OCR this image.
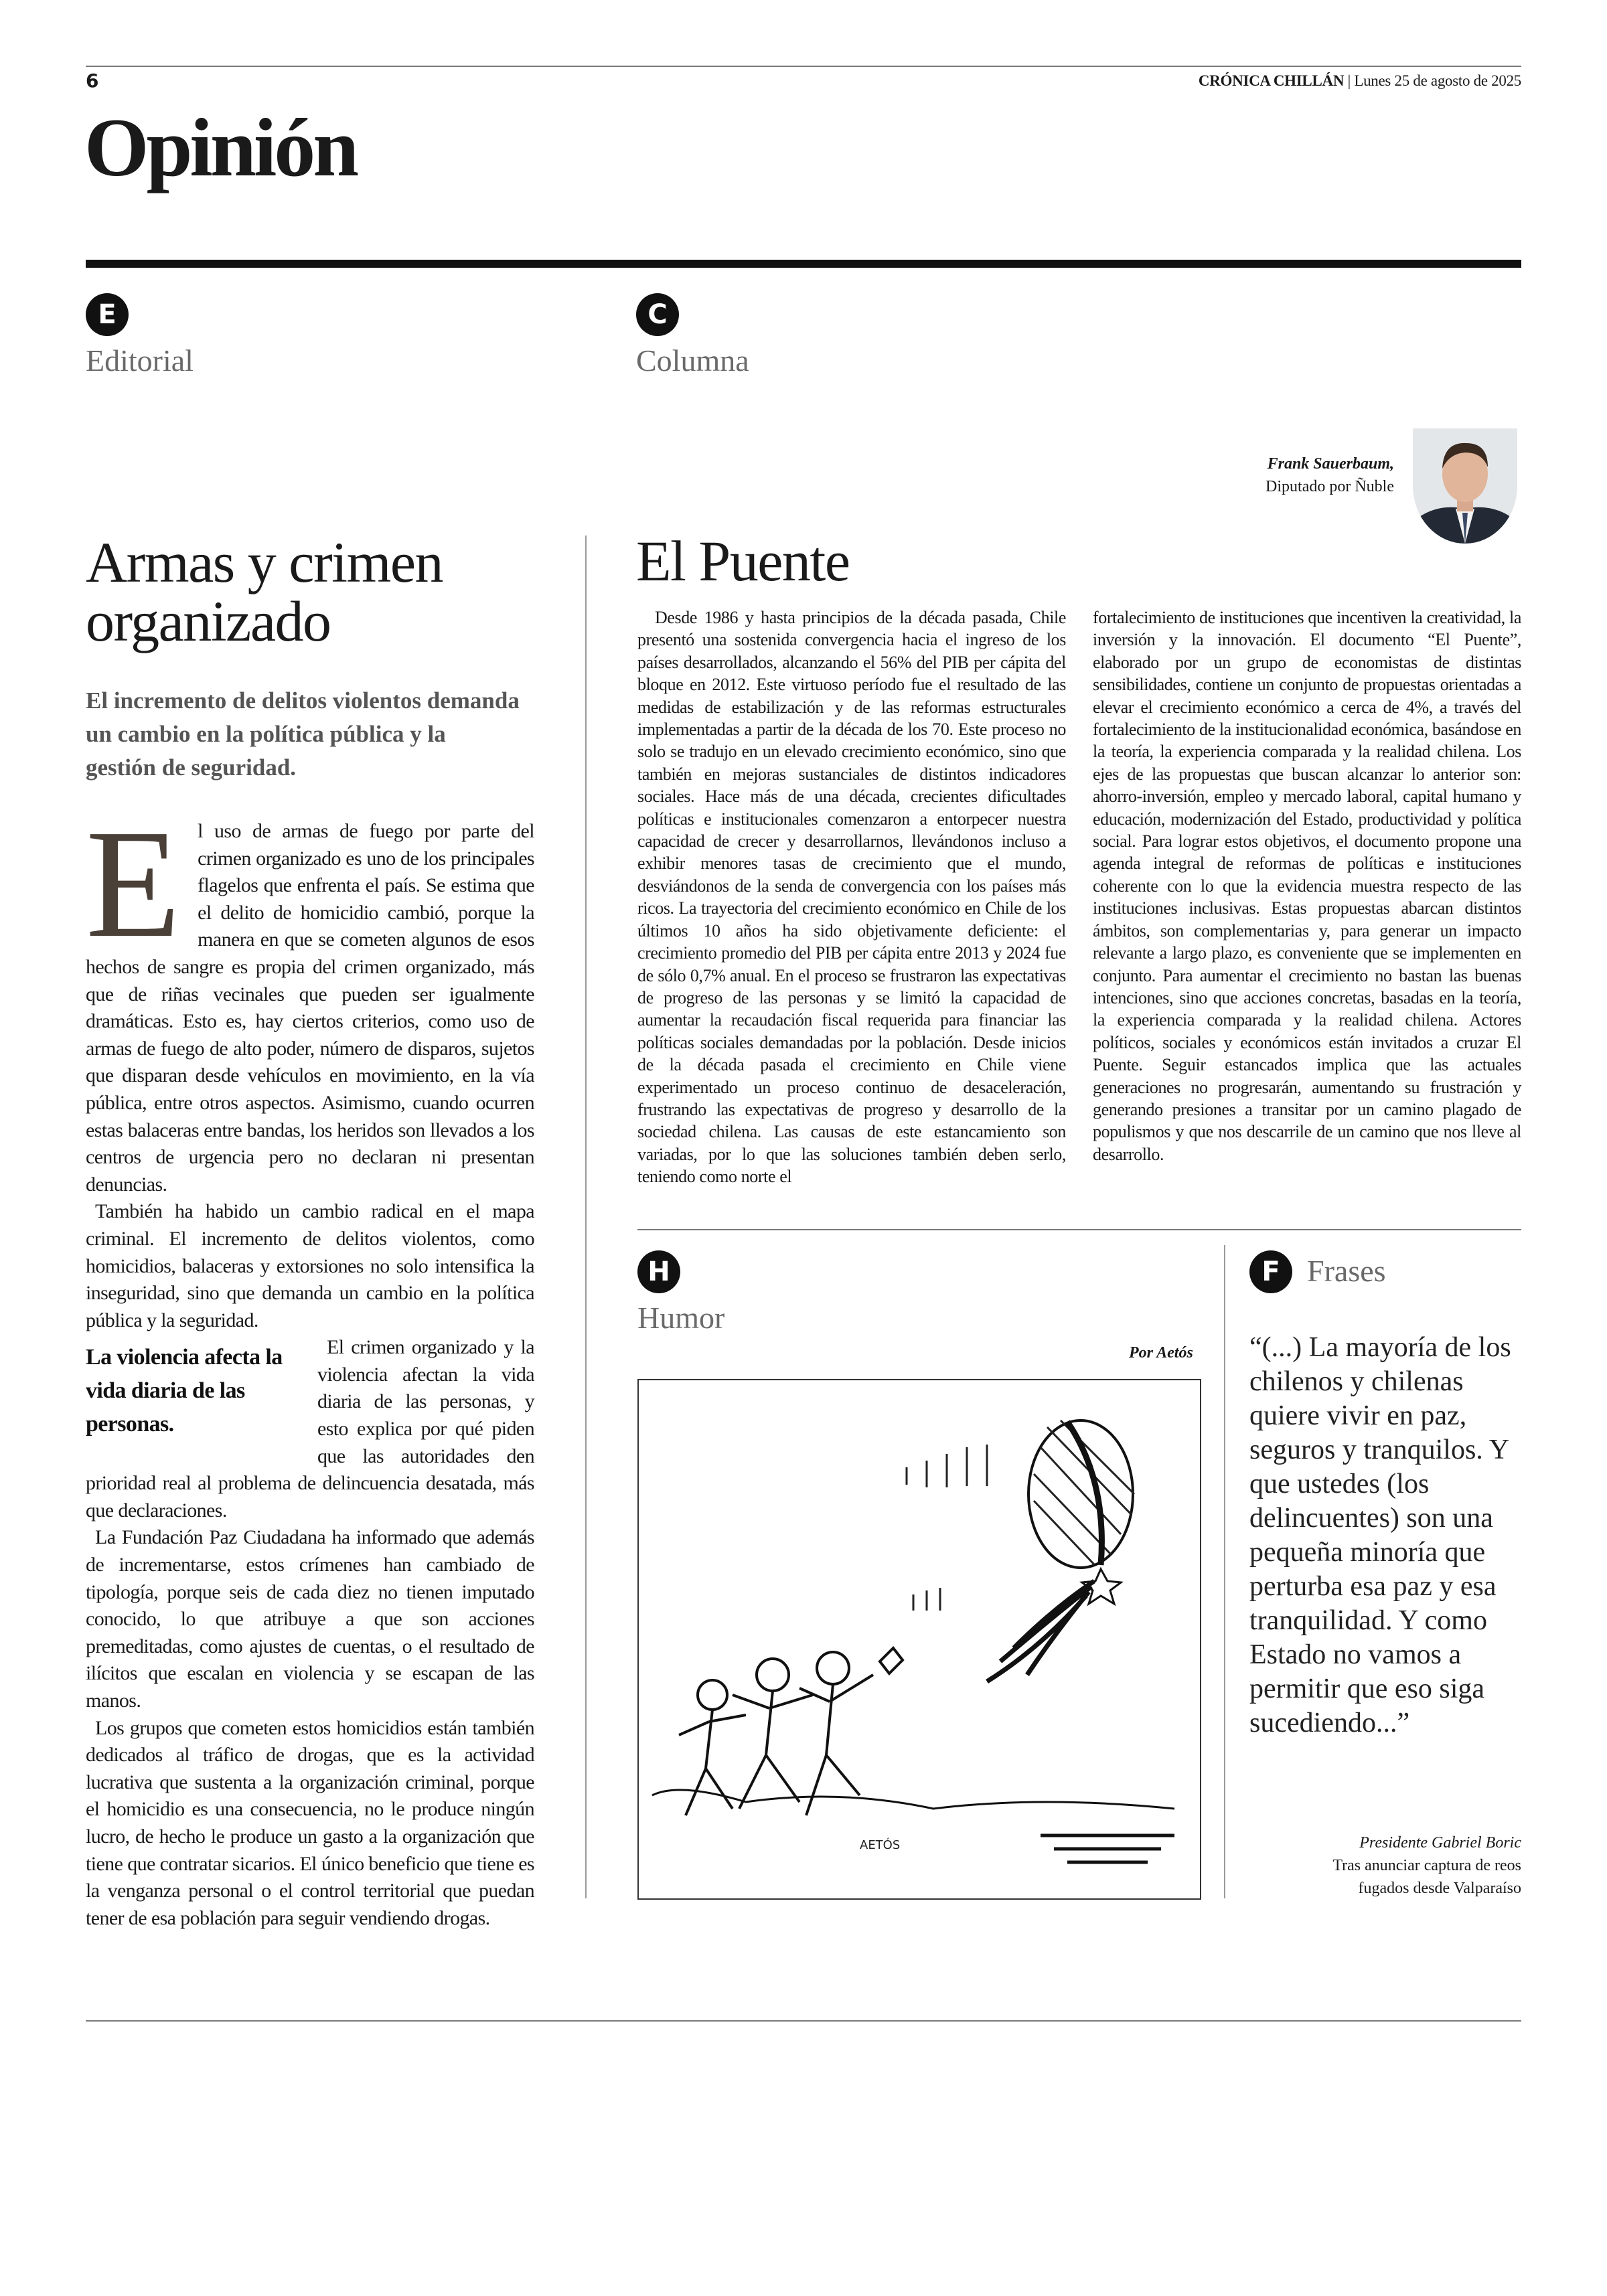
6	CRÓNICA CHILLÁN | Lunes 25 de agosto de 2025
Opinión
E
Editorial
Armas y crimen
organizado

El incremento de delitos violentos demanda un cambio en la política pública y la gestión de seguridad.

E l uso de armas de fuego por parte del crimen organizado es uno de los principales flagelos que enfrenta el país. Se estima que el delito de homicidio cambió, porque la manera en que se cometen algunos de esos hechos de sangre es propia del crimen organizado, más que de riñas vecinales que pueden ser igualmente dramáticas. Esto es, hay ciertos criterios, como uso de armas de fuego de alto poder, número de disparos, sujetos que disparan desde vehículos en movimiento, en la vía pública, entre otros aspectos. Asimismo, cuando ocurren estas balaceras entre bandas, los heridos son llevados a los centros de urgencia pero no declaran ni presentan denuncias.

También ha habido un cambio radical en el mapa criminal. El incremento de delitos violentos, como homicidios, balaceras y extorsiones no solo intensifica la inseguridad, sino que demanda un cambio en la política pública y la seguridad.

La violencia afecta la vida diaria de las personas.

El crimen organizado y la violencia afectan la vida diaria de las personas, y esto explica por qué piden que las autoridades den prioridad real al problema de delincuencia desatada, más que declaraciones.

La Fundación Paz Ciudadana ha informado que además de incrementarse, estos crímenes han cambiado de tipología, porque seis de cada diez no tienen imputado conocido, lo que atribuye a que son acciones premeditadas, como ajustes de cuentas, o el resultado de ilícitos que escalan en violencia y se escapan de las manos.

Los grupos que cometen estos homicidios están también dedicados al tráfico de drogas, que es la actividad lucrativa que sustenta a la organización criminal, porque el homicidio es una consecuencia, no le produce ningún lucro, de hecho le produce un gasto a la organización que tiene que contratar sicarios. El único beneficio que tiene es la venganza personal o el control territorial que puedan tener de esa población para seguir vendiendo drogas.

C
Columna
Frank Sauerbaum,
Diputado por Ñuble
El Puente

Desde 1986 y hasta principios de la década pasada, Chile presentó una sostenida convergencia hacia el ingreso de los países desarrollados, alcanzando el 56% del PIB per cápita del bloque en 2012. Este virtuoso período fue el resultado de las medidas de estabilización y de las reformas estructurales implementadas a partir de la década de los 70. Este proceso no solo se tradujo en un elevado crecimiento económico, sino que también en mejoras sustanciales de distintos indicadores sociales. Hace más de una década, crecientes dificultades políticas e institucionales comenzaron a entorpecer nuestra capacidad de crecer y desarrollarnos, llevándonos incluso a exhibir menores tasas de crecimiento que el mundo, desviándonos de la senda de convergencia con los países más ricos. La trayectoria del crecimiento económico en Chile de los últimos 10 años ha sido objetivamente deficiente: el crecimiento promedio del PIB per cápita entre 2013 y 2024 fue de sólo 0,7% anual. En el proceso se frustraron las expectativas de progreso de las personas y se limitó la capacidad de aumentar la recaudación fiscal requerida para financiar las políticas sociales demandadas por la población. Desde inicios de la década pasada el crecimiento en Chile viene experimentado un proceso continuo de desaceleración, frustrando las expectativas de progreso y desarrollo de la sociedad chilena. Las causas de este estancamiento son variadas, por lo que las soluciones también deben serlo, teniendo como norte el

fortalecimiento de instituciones que incentiven la creatividad, la inversión y la innovación. El documento “El Puente”, elaborado por un grupo de economistas de distintas sensibilidades, contiene un conjunto de propuestas orientadas a elevar el crecimiento económico a cerca de 4%, a través del fortalecimiento de la institucionalidad económica, basándose en la teoría, la experiencia comparada y la realidad chilena. Los ejes de las propuestas que buscan alcanzar lo anterior son: ahorro-inversión, empleo y mercado laboral, capital humano y educación, modernización del Estado, productividad y política social. Para lograr estos objetivos, el documento propone una agenda integral de reformas de políticas e instituciones coherente con lo que la evidencia muestra respecto de las instituciones inclusivas. Estas propuestas abarcan distintos ámbitos, son complementarias y, para generar un impacto relevante a largo plazo, es conveniente que se implementen en conjunto. Para aumentar el crecimiento no bastan las buenas intenciones, sino que acciones concretas, basadas en la teoría, la experiencia comparada y la realidad chilena. Actores políticos, sociales y económicos están invitados a cruzar El Puente. Seguir estancados implica que las actuales generaciones no progresarán, aumentando su frustración y generando presiones a transitar por un camino plagado de populismos y que nos descarrile de un camino que nos lleve al desarrollo.

H
Humor
Por Aetós
AETÓS
F Frases

“(...) La mayoría de los chilenos y chilenas quiere vivir en paz, seguros y tranquilos. Y que ustedes (los delincuentes) son una pequeña minoría que perturba esa paz y esa tranquilidad. Y como Estado no vamos a permitir que eso siga sucediendo...”

Presidente Gabriel Boric
Tras anunciar captura de reos
fugados desde Valparaíso
